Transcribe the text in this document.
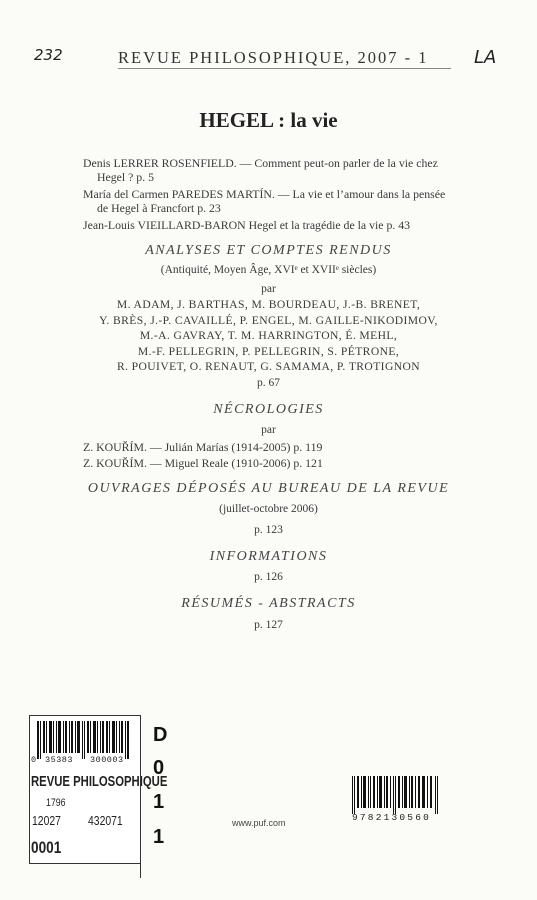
232	LA
REVUE PHILOSOPHIQUE, 2007 - 1
HEGEL : la vie
Denis LERRER ROSENFIELD. — Comment peut-on parler de la vie chez
Hegel ? p. 5
María del Carmen PAREDES MARTÍN. — La vie et l’amour dans la pensée
de Hegel à Francfort p. 23
Jean-Louis VIEILLARD-BARON Hegel et la tragédie de la vie p. 43
ANALYSES ET COMPTES RENDUS
(Antiquité, Moyen Âge, XVIᵉ et XVIIᵉ siècles)
par
M. ADAM, J. BARTHAS, M. BOURDEAU, J.-B. BRENET,
Y. BRÈS, J.-P. CAVAILLÉ, P. ENGEL, M. GAILLE-NIKODIMOV,
M.-A. GAVRAY, T. M. HARRINGTON, É. MEHL,
M.-F. PELLEGRIN, P. PELLEGRIN, S. PÉTRONE,
R. POUIVET, O. RENAUT, G. SAMAMA, P. TROTIGNON
p. 67
NÉCROLOGIES
par
Z. KOUŘÍM. — Julián Marías (1914-2005) p. 119
Z. KOUŘÍM. — Miguel Reale (1910-2006) p. 121
OUVRAGES DÉPOSÉS AU BUREAU DE LA REVUE
(juillet-octobre 2006)
p. 123
INFORMATIONS
p. 126
RÉSUMÉS - ABSTRACTS
p. 127
0 35383 300003
REVUE PHILOSOPHIQUE
1796
12027 432071
0001
D
0
1
1
www.puf.com	9782130560
